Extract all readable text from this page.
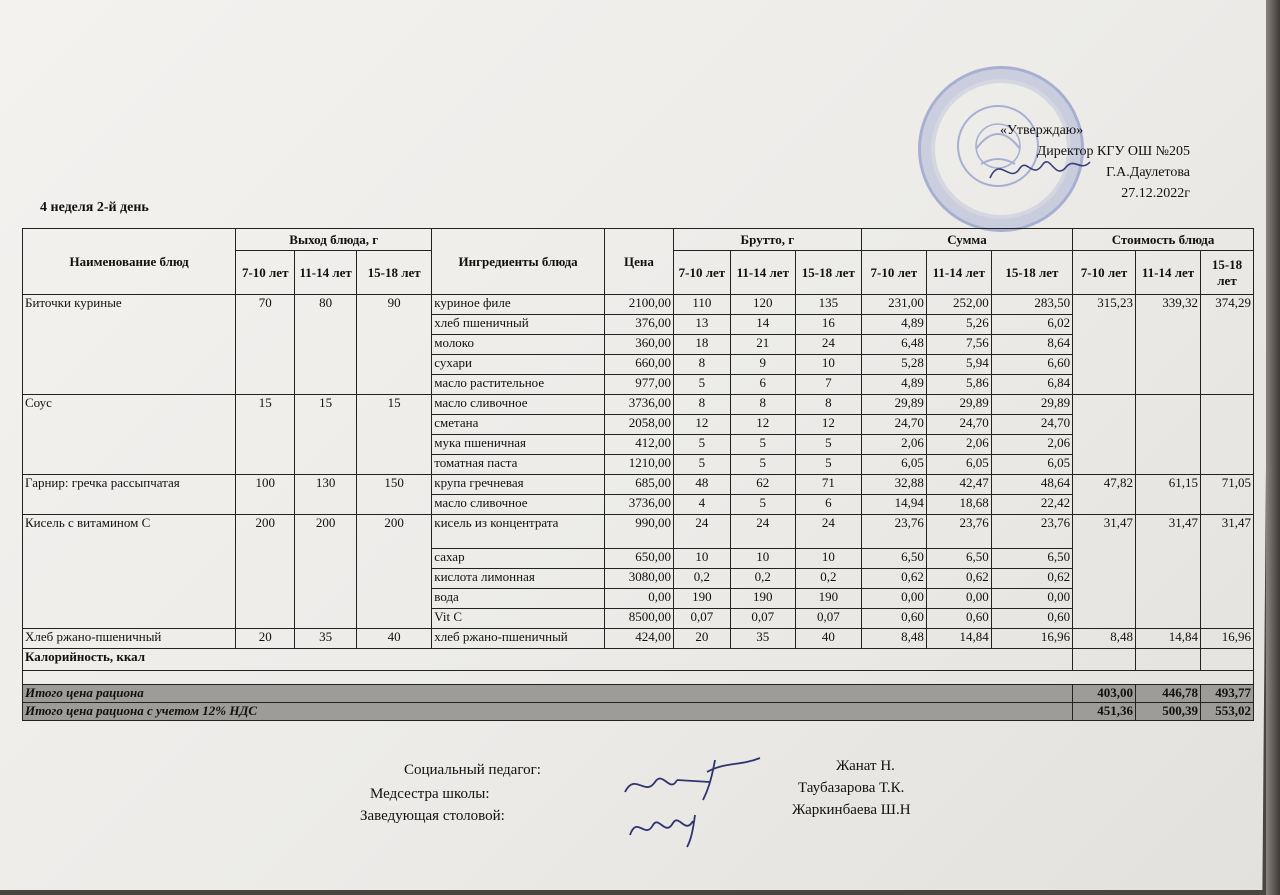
«Утверждаю»
Директор КГУ ОШ №205
Г.А.Даулетова
27.12.2022г
4 неделя 2-й день
Наименование блюд	Выход блюда, г			Ингредиенты блюда	Цена	Брутто, г			Сумма			Стоимость блюда		
	7-10 лет	11-14 лет	15-18 лет			7-10 лет	11-14 лет	15-18 лет	7-10 лет	11-14 лет	15-18 лет	7-10 лет	11-14 лет	15-18 лет
Биточки куриные	70	80	90	куриное филе	2100,00	110	120	135	231,00	252,00	283,50	315,23	339,32	374,29
				хлеб пшеничный	376,00	13	14	16	4,89	5,26	6,02			
				молоко	360,00	18	21	24	6,48	7,56	8,64			
				сухари	660,00	8	9	10	5,28	5,94	6,60			
				масло растительное	977,00	5	6	7	4,89	5,86	6,84			
Соус	15	15	15	масло сливочное	3736,00	8	8	8	29,89	29,89	29,89			
				сметана	2058,00	12	12	12	24,70	24,70	24,70			
				мука пшеничная	412,00	5	5	5	2,06	2,06	2,06			
				томатная паста	1210,00	5	5	5	6,05	6,05	6,05			
Гарнир: гречка рассыпчатая	100	130	150	крупа гречневая	685,00	48	62	71	32,88	42,47	48,64	47,82	61,15	71,05
				масло сливочное	3736,00	4	5	6	14,94	18,68	22,42			
Кисель с витамином С	200	200	200	кисель из концентрата	990,00	24	24	24	23,76	23,76	23,76	31,47	31,47	31,47
				сахар	650,00	10	10	10	6,50	6,50	6,50			
				кислота лимонная	3080,00	0,2	0,2	0,2	0,62	0,62	0,62			
				вода	0,00	190	190	190	0,00	0,00	0,00			
				Vit C	8500,00	0,07	0,07	0,07	0,60	0,60	0,60			
Хлеб ржано-пшеничный	20	35	40	хлеб ржано-пшеничный	424,00	20	35	40	8,48	14,84	16,96	8,48	14,84	16,96
Калорийность, ккал														

Итого цена рациона												403,00	446,78	493,77
Итого цена рациона с учетом 12% НДС												451,36	500,39	553,02
Социальный педагог:
Медсестра школы:
Заведующая столовой:
Жанат Н.
Таубазарова Т.К.
Жаркинбаева Ш.Н
